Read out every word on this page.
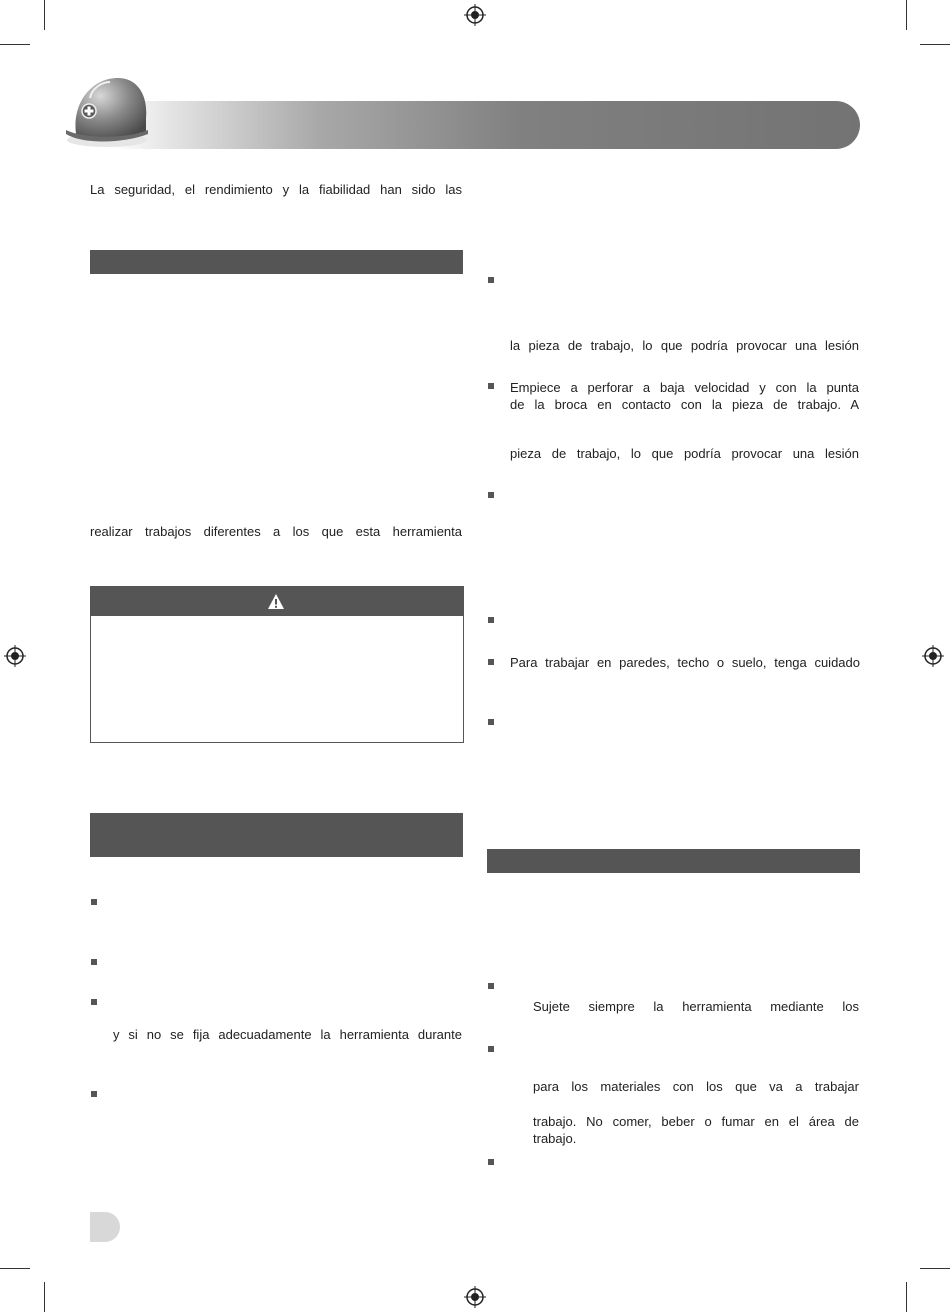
La seguridad, el rendimiento y la fiabilidad han sido las
realizar trabajos diferentes a los que esta herramienta
y si no se fija adecuadamente la herramienta durante
la pieza de trabajo, lo que podría provocar una lesión
Empiece a perforar a baja velocidad y con la punta
de la broca en contacto con la pieza de trabajo. A
pieza de trabajo, lo que podría provocar una lesión
Para trabajar en paredes, techo o suelo, tenga cuidado
Sujete siempre la herramienta mediante los
para los materiales con los que va a trabajar
trabajo. No comer, beber o fumar en el área de
trabajo.
